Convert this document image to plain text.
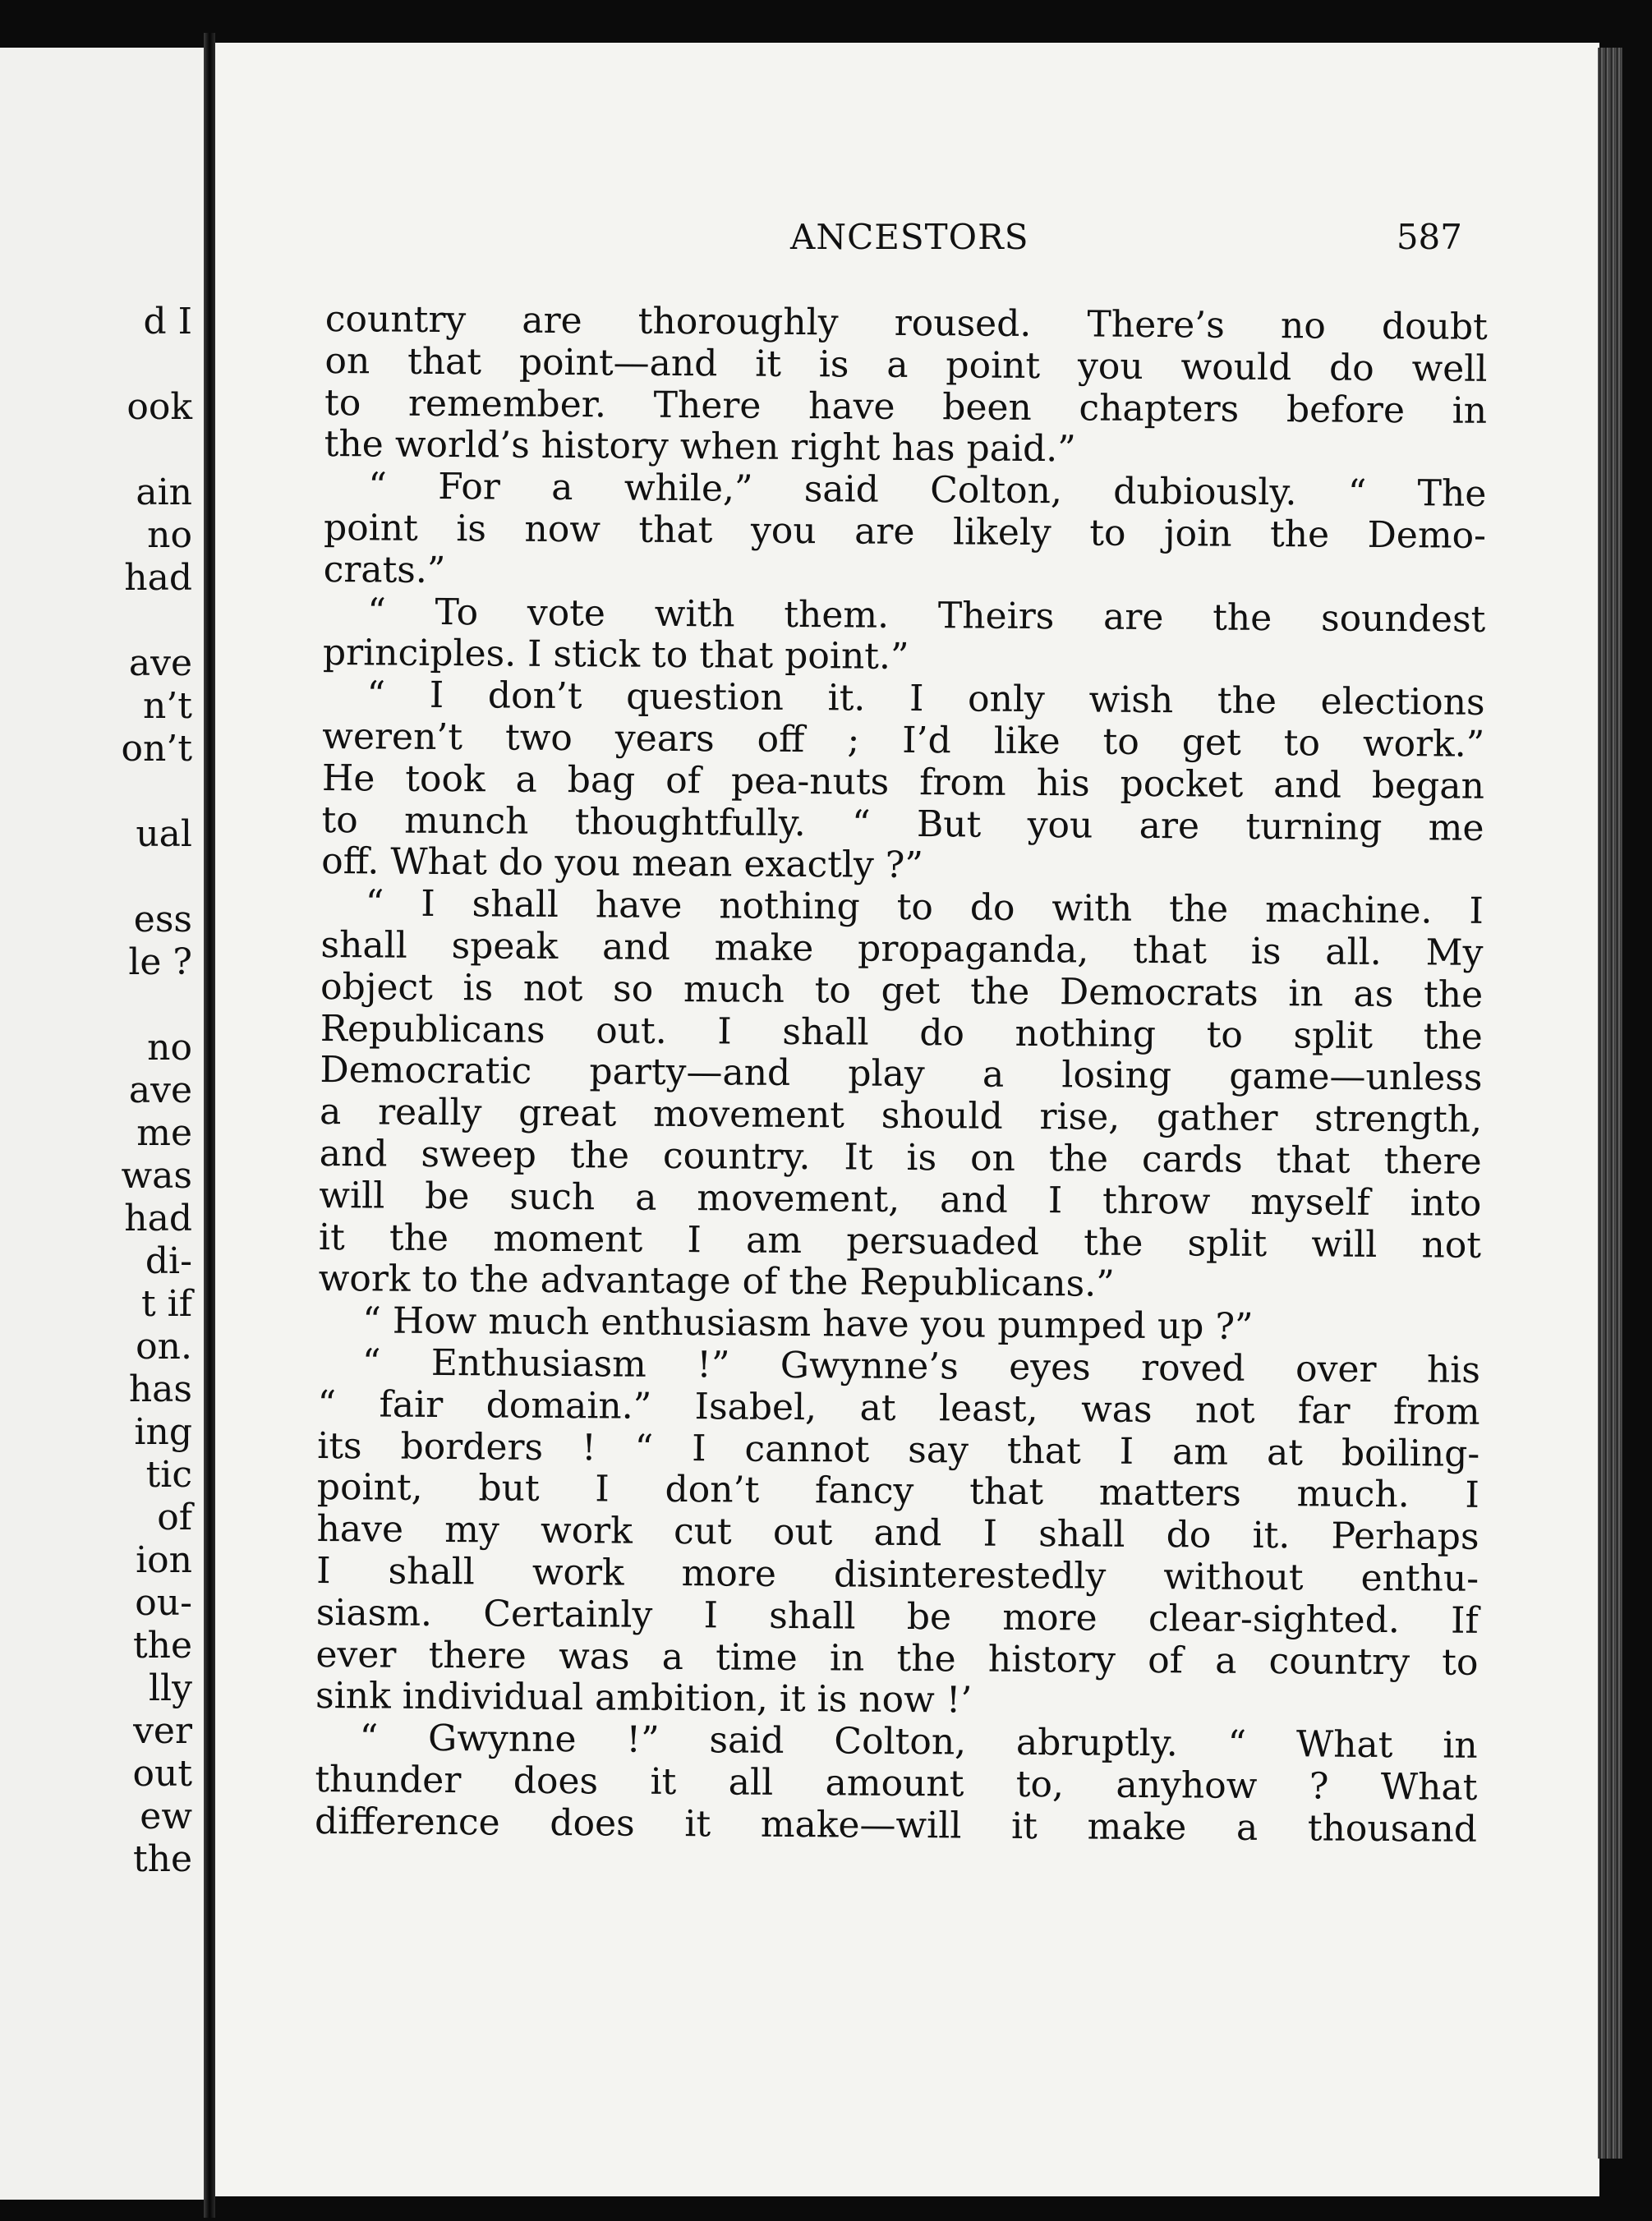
d I
ook
ain
no
had
ave
n’t
on’t
ual
ess
le ?
no
ave
me
was
had
di-
t if
on.
has
ing
tic
of
ion
ou-
the
lly
ver
out
ew
the
ANCESTORS	587
country are thoroughly roused. There’s no doubt
on that point—and it is a point you would do well
to remember. There have been chapters before in
the world’s history when right has paid.”
“ For a while,” said Colton, dubiously. “ The
point is now that you are likely to join the Demo-
crats.”
“ To vote with them. Theirs are the soundest
principles. I stick to that point.”
“ I don’t question it. I only wish the elections
weren’t two years off ; I’d like to get to work.”
He took a bag of pea-nuts from his pocket and began
to munch thoughtfully. “ But you are turning me
off. What do you mean exactly ?”
“ I shall have nothing to do with the machine. I
shall speak and make propaganda, that is all. My
object is not so much to get the Democrats in as the
Republicans out. I shall do nothing to split the
Democratic party—and play a losing game—unless
a really great movement should rise, gather strength,
and sweep the country. It is on the cards that there
will be such a movement, and I throw myself into
it the moment I am persuaded the split will not
work to the advantage of the Republicans.”
“ How much enthusiasm have you pumped up ?”
“ Enthusiasm !” Gwynne’s eyes roved over his
“ fair domain.” Isabel, at least, was not far from
its borders ! “ I cannot say that I am at boiling-
point, but I don’t fancy that matters much. I
have my work cut out and I shall do it. Perhaps
I shall work more disinterestedly without enthu-
siasm. Certainly I shall be more clear-sighted. If
ever there was a time in the history of a country to
sink individual ambition, it is now !’
“ Gwynne !” said Colton, abruptly. “ What in
thunder does it all amount to, anyhow ? What
difference does it make—will it make a thousand
